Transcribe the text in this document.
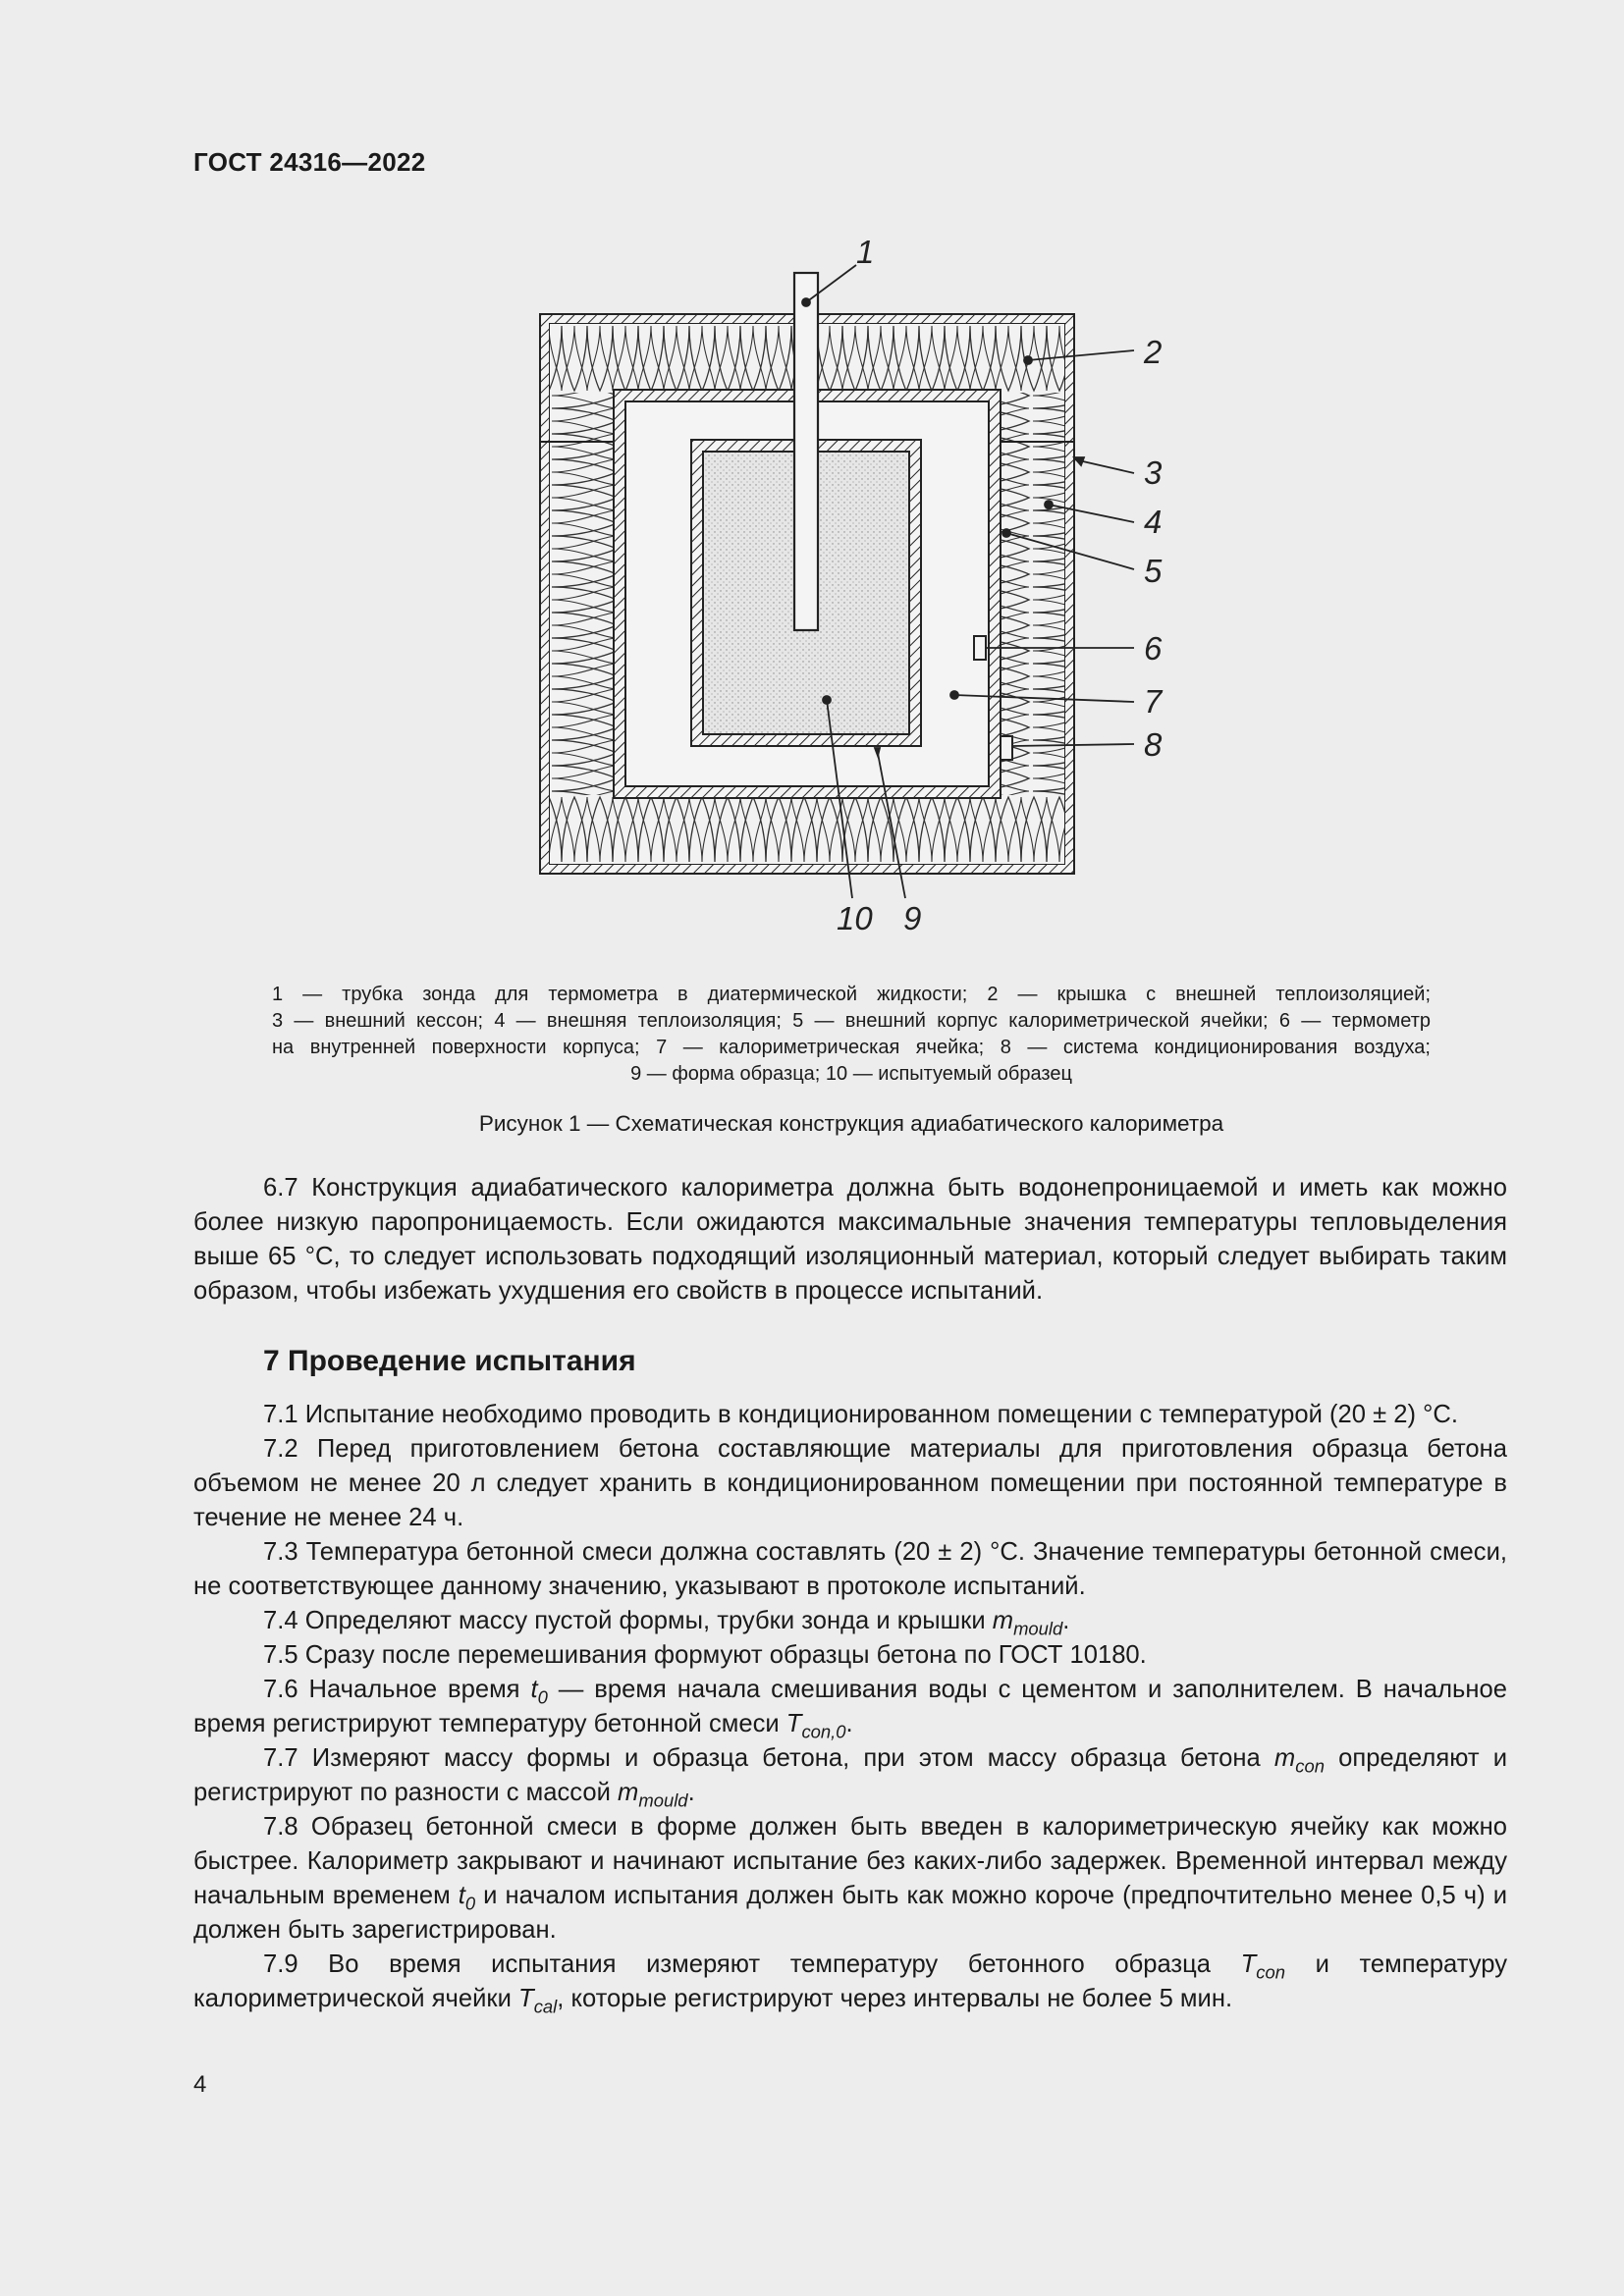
ГОСТ 24316—2022
1
2
3
4
5
6
7
8
10 9
1 — трубка зонда для термометра в диатермической жидкости; 2 — крышка с внешней теплоизоляцией;
3 — внешний кессон; 4 — внешняя теплоизоляция; 5 — внешний корпус калориметрической ячейки; 6 — термометр
на внутренней поверхности корпуса; 7 — калориметрическая ячейка; 8 — система кондиционирования воздуха;
9 — форма образца; 10 — испытуемый образец
Рисунок 1 — Схематическая конструкция адиабатического калориметра

6.7 Конструкция адиабатического калориметра должна быть водонепроницаемой и иметь как можно более низкую паропроницаемость. Если ожидаются максимальные значения температуры тепловыделения выше 65 °С, то следует использовать подходящий изоляционный материал, который следует выбирать таким образом, чтобы избежать ухудшения его свойств в процессе испытаний.

7 Проведение испытания

7.1 Испытание необходимо проводить в кондиционированном помещении с температурой (20 ± 2) °С.

7.2 Перед приготовлением бетона составляющие материалы для приготовления образца бетона объемом не менее 20 л следует хранить в кондиционированном помещении при постоянной температуре в течение не менее 24 ч.

7.3 Температура бетонной смеси должна составлять (20 ± 2) °С. Значение температуры бетонной смеси, не соответствующее данному значению, указывают в протоколе испытаний.

7.4 Определяют массу пустой формы, трубки зонда и крышки $m_{mould}$.

7.5 Сразу после перемешивания формуют образцы бетона по ГОСТ 10180.

7.6 Начальное время $t_0$ — время начала смешивания воды с цементом и заполнителем. В начальное время регистрируют температуру бетонной смеси $T_{con,0}$.

7.7 Измеряют массу формы и образца бетона, при этом массу образца бетона $m_{con}$ определяют и регистрируют по разности с массой $m_{mould}$.

7.8 Образец бетонной смеси в форме должен быть введен в калориметрическую ячейку как можно быстрее. Калориметр закрывают и начинают испытание без каких-либо задержек. Временной интервал между начальным временем $t_0$ и началом испытания должен быть как можно короче (предпочтительно менее 0,5 ч) и должен быть зарегистрирован.

7.9 Во время испытания измеряют температуру бетонного образца $T_{con}$ и температуру калориметрической ячейки $T_{cal}$, которые регистрируют через интервалы не более 5 мин.

4
